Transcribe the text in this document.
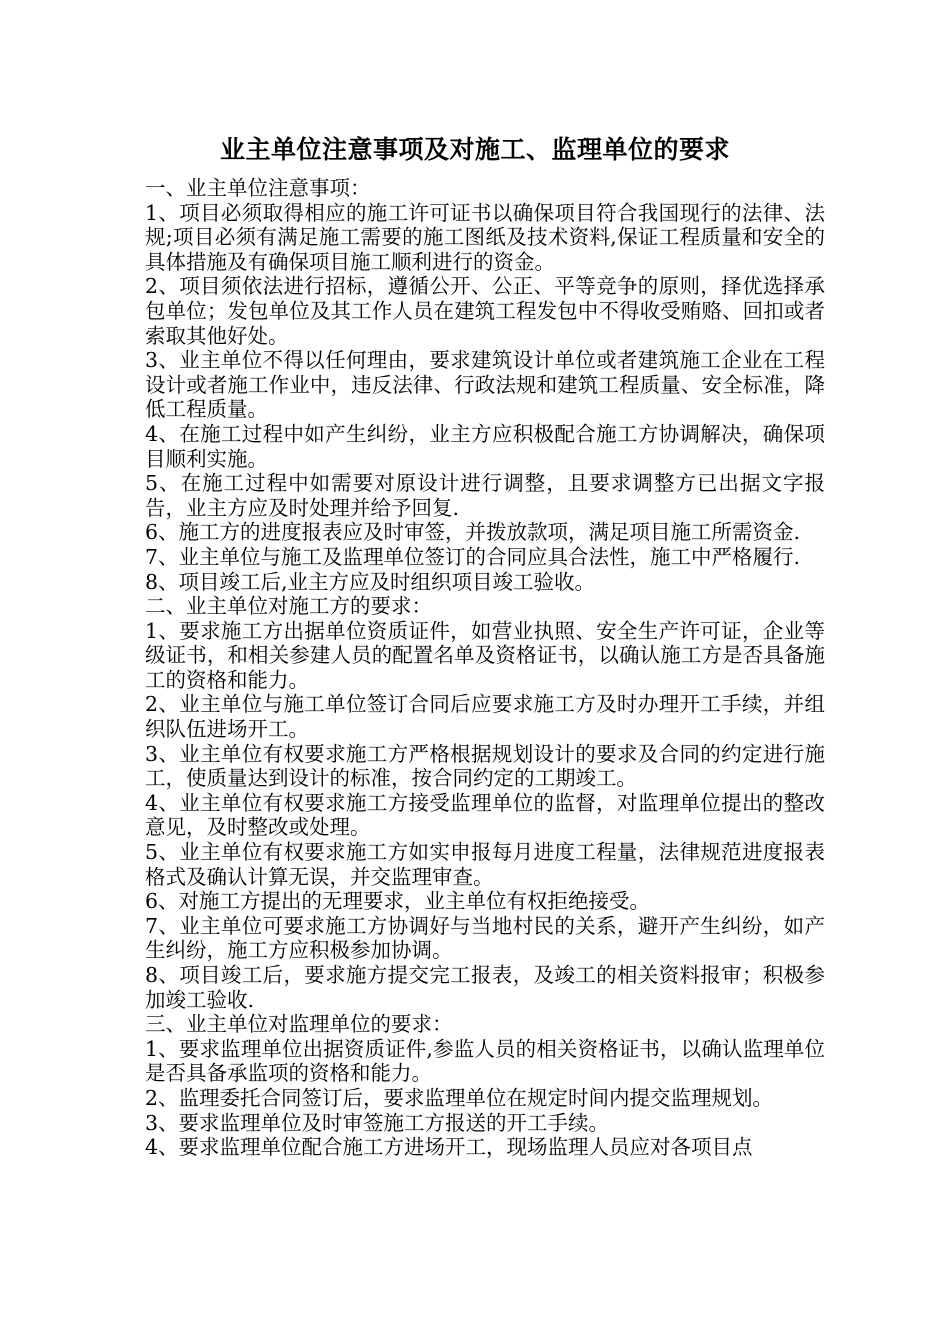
业主单位注意事项及对施工、监理单位的要求

一、业主单位注意事项：

1、项目必须取得相应的施工许可证书以确保项目符合我国现行的法律、法规;项目必须有满足施工需要的施工图纸及技术资料,保证工程质量和安全的具体措施及有确保项目施工顺利进行的资金。

2、项目须依法进行招标，遵循公开、公正、平等竞争的原则，择优选择承包单位；发包单位及其工作人员在建筑工程发包中不得收受贿赂、回扣或者索取其他好处。

3、业主单位不得以任何理由，要求建筑设计单位或者建筑施工企业在工程设计或者施工作业中，违反法律、行政法规和建筑工程质量、安全标准，降低工程质量。

4、在施工过程中如产生纠纷，业主方应积极配合施工方协调解决，确保项目顺利实施。

5、在施工过程中如需要对原设计进行调整，且要求调整方已出据文字报告，业主方应及时处理并给予回复.

6、施工方的进度报表应及时审签，并拨放款项，满足项目施工所需资金.

7、业主单位与施工及监理单位签订的合同应具合法性，施工中严格履行.

8、项目竣工后,业主方应及时组织项目竣工验收。

二、业主单位对施工方的要求：

1、要求施工方出据单位资质证件，如营业执照、安全生产许可证，企业等级证书，和相关参建人员的配置名单及资格证书，以确认施工方是否具备施工的资格和能力。

2、业主单位与施工单位签订合同后应要求施工方及时办理开工手续，并组织队伍进场开工。

3、业主单位有权要求施工方严格根据规划设计的要求及合同的约定进行施工，使质量达到设计的标准，按合同约定的工期竣工。

4、业主单位有权要求施工方接受监理单位的监督，对监理单位提出的整改意见，及时整改或处理。

5、业主单位有权要求施工方如实申报每月进度工程量，法律规范进度报表格式及确认计算无误，并交监理审查。

6、对施工方提出的无理要求，业主单位有权拒绝接受。

7、业主单位可要求施工方协调好与当地村民的关系，避开产生纠纷，如产生纠纷，施工方应积极参加协调。

8、项目竣工后，要求施方提交完工报表，及竣工的相关资料报审；积极参加竣工验收.

三、业主单位对监理单位的要求：

1、要求监理单位出据资质证件,参监人员的相关资格证书，以确认监理单位是否具备承监项的资格和能力。

2、监理委托合同签订后，要求监理单位在规定时间内提交监理规划。

3、要求监理单位及时审签施工方报送的开工手续。

4、要求监理单位配合施工方进场开工，现场监理人员应对各项目点
